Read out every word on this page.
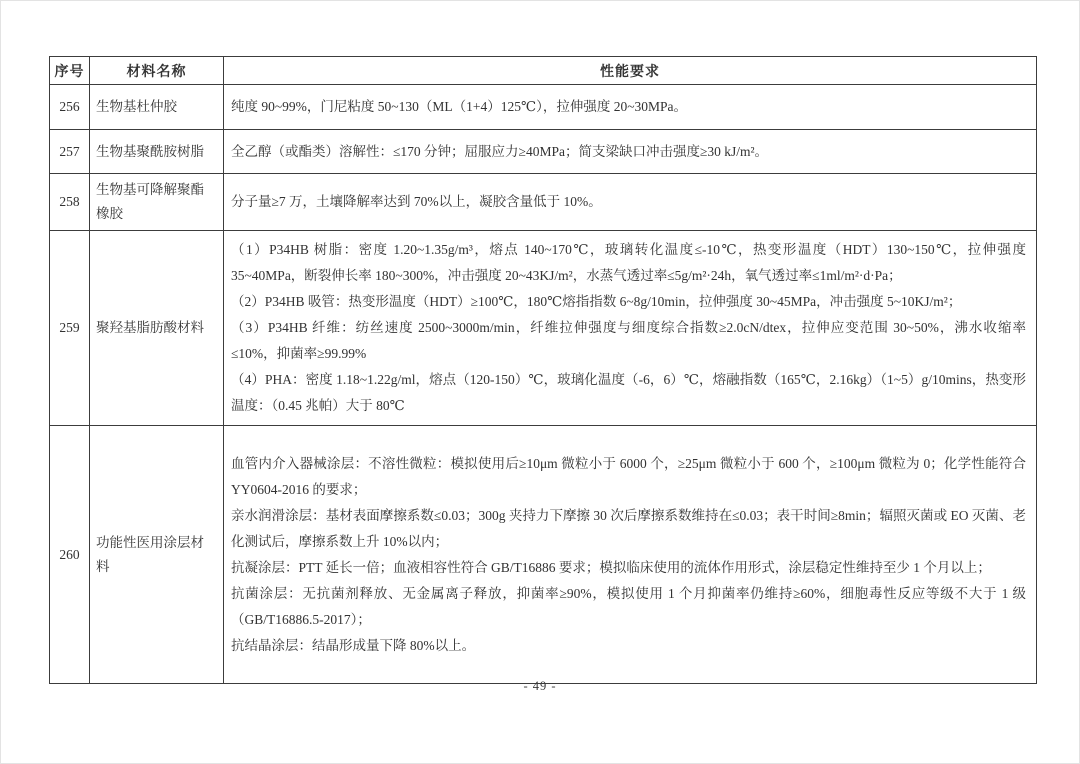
序号	材料名称	性能要求
256	生物基杜仲胶	纯度 90~99%，门尼粘度 50~130（ML（1+4）125℃），拉伸强度 20~30MPa。

257	生物基聚酰胺树脂	全乙醇（或酯类）溶解性：≤170 分钟；屈服应力≥40MPa；简支梁缺口冲击强度≥30 kJ/m²。

258	生物基可降解聚酯橡胶	分子量≥7 万，土壤降解率达到 70%以上，凝胶含量低于 10%。

259	聚羟基脂肪酸材料	（1）P34HB 树脂：密度 1.20~1.35g/m³，熔点 140~170℃，玻璃转化温度≤-10℃，热变形温度（HDT）130~150℃，拉伸强度 35~40MPa，断裂伸长率 180~300%，冲击强度 20~43KJ/m²，水蒸气透过率≤5g/m²·24h，氧气透过率≤1ml/m²·d·Pa；

（2）P34HB 吸管：热变形温度（HDT）≥100℃，180℃熔指指数 6~8g/10min，拉伸强度 30~45MPa，冲击强度 5~10KJ/m²；

（3）P34HB 纤维：纺丝速度 2500~3000m/min，纤维拉伸强度与细度综合指数≥2.0cN/dtex，拉伸应变范围 30~50%，沸水收缩率≤10%，抑菌率≥99.99%

（4）PHA：密度 1.18~1.22g/ml，熔点（120-150）℃，玻璃化温度（-6，6）℃，熔融指数（165℃，2.16kg）（1~5）g/10mins，热变形温度：（0.45 兆帕）大于 80℃

260	功能性医用涂层材料	血管内介入器械涂层：不溶性微粒：模拟使用后≥10μm 微粒小于 6000 个，≥25μm 微粒小于 600 个，≥100μm 微粒为 0；化学性能符合 YY0604-2016 的要求；

亲水润滑涂层：基材表面摩擦系数≤0.03；300g 夹持力下摩擦 30 次后摩擦系数维持在≤0.03；表干时间≥8min；辐照灭菌或 EO 灭菌、老化测试后，摩擦系数上升 10%以内；

抗凝涂层：PTT 延长一倍；血液相容性符合 GB/T16886 要求；模拟临床使用的流体作用形式，涂层稳定性维持至少 1 个月以上；

抗菌涂层：无抗菌剂释放、无金属离子释放，抑菌率≥90%，模拟使用 1 个月抑菌率仍维持≥60%，细胞毒性反应等级不大于 1 级（GB/T16886.5-2017）；

抗结晶涂层：结晶形成量下降 80%以上。

- 49 -
